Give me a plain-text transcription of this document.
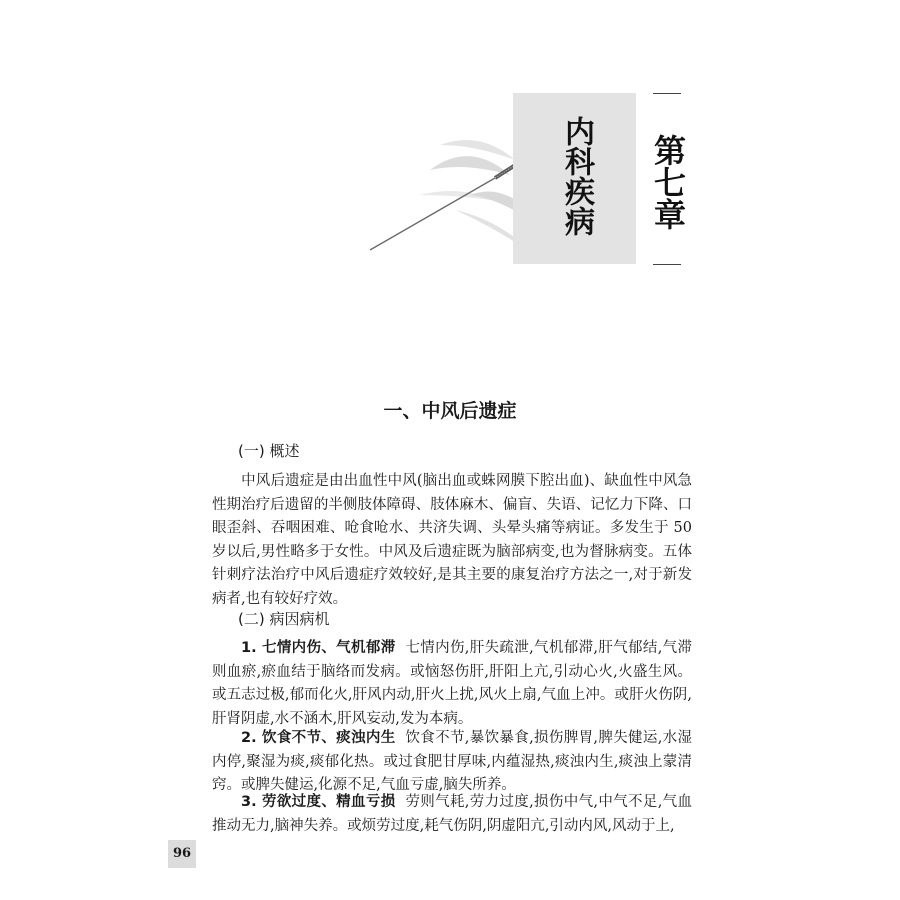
内科疾病 第七章
一、中风后遗症
(一) 概述

中风后遗症是由出血性中风(脑出血或蛛网膜下腔出血)、缺血性中风急性期治疗后遗留的半侧肢体障碍、肢体麻木、偏盲、失语、记忆力下降、口眼歪斜、吞咽困难、呛食呛水、共济失调、头晕头痛等病证。多发生于 50 岁以后,男性略多于女性。中风及后遗症既为脑部病变,也为督脉病变。五体针刺疗法治疗中风后遗症疗效较好,是其主要的康复治疗方法之一,对于新发病者,也有较好疗效。

(二) 病因病机

1. 七情内伤、气机郁滞 七情内伤,肝失疏泄,气机郁滞,肝气郁结,气滞则血瘀,瘀血结于脑络而发病。或恼怒伤肝,肝阳上亢,引动心火,火盛生风。或五志过极,郁而化火,肝风内动,肝火上扰,风火上扇,气血上冲。或肝火伤阴,肝肾阴虚,水不涵木,肝风妄动,发为本病。

2. 饮食不节、痰浊内生 饮食不节,暴饮暴食,损伤脾胃,脾失健运,水湿内停,聚湿为痰,痰郁化热。或过食肥甘厚味,内蕴湿热,痰浊内生,痰浊上蒙清窍。或脾失健运,化源不足,气血亏虚,脑失所养。

3. 劳欲过度、精血亏损 劳则气耗,劳力过度,损伤中气,中气不足,气血推动无力,脑神失养。或烦劳过度,耗气伤阴,阴虚阳亢,引动内风,风动于上,

96
